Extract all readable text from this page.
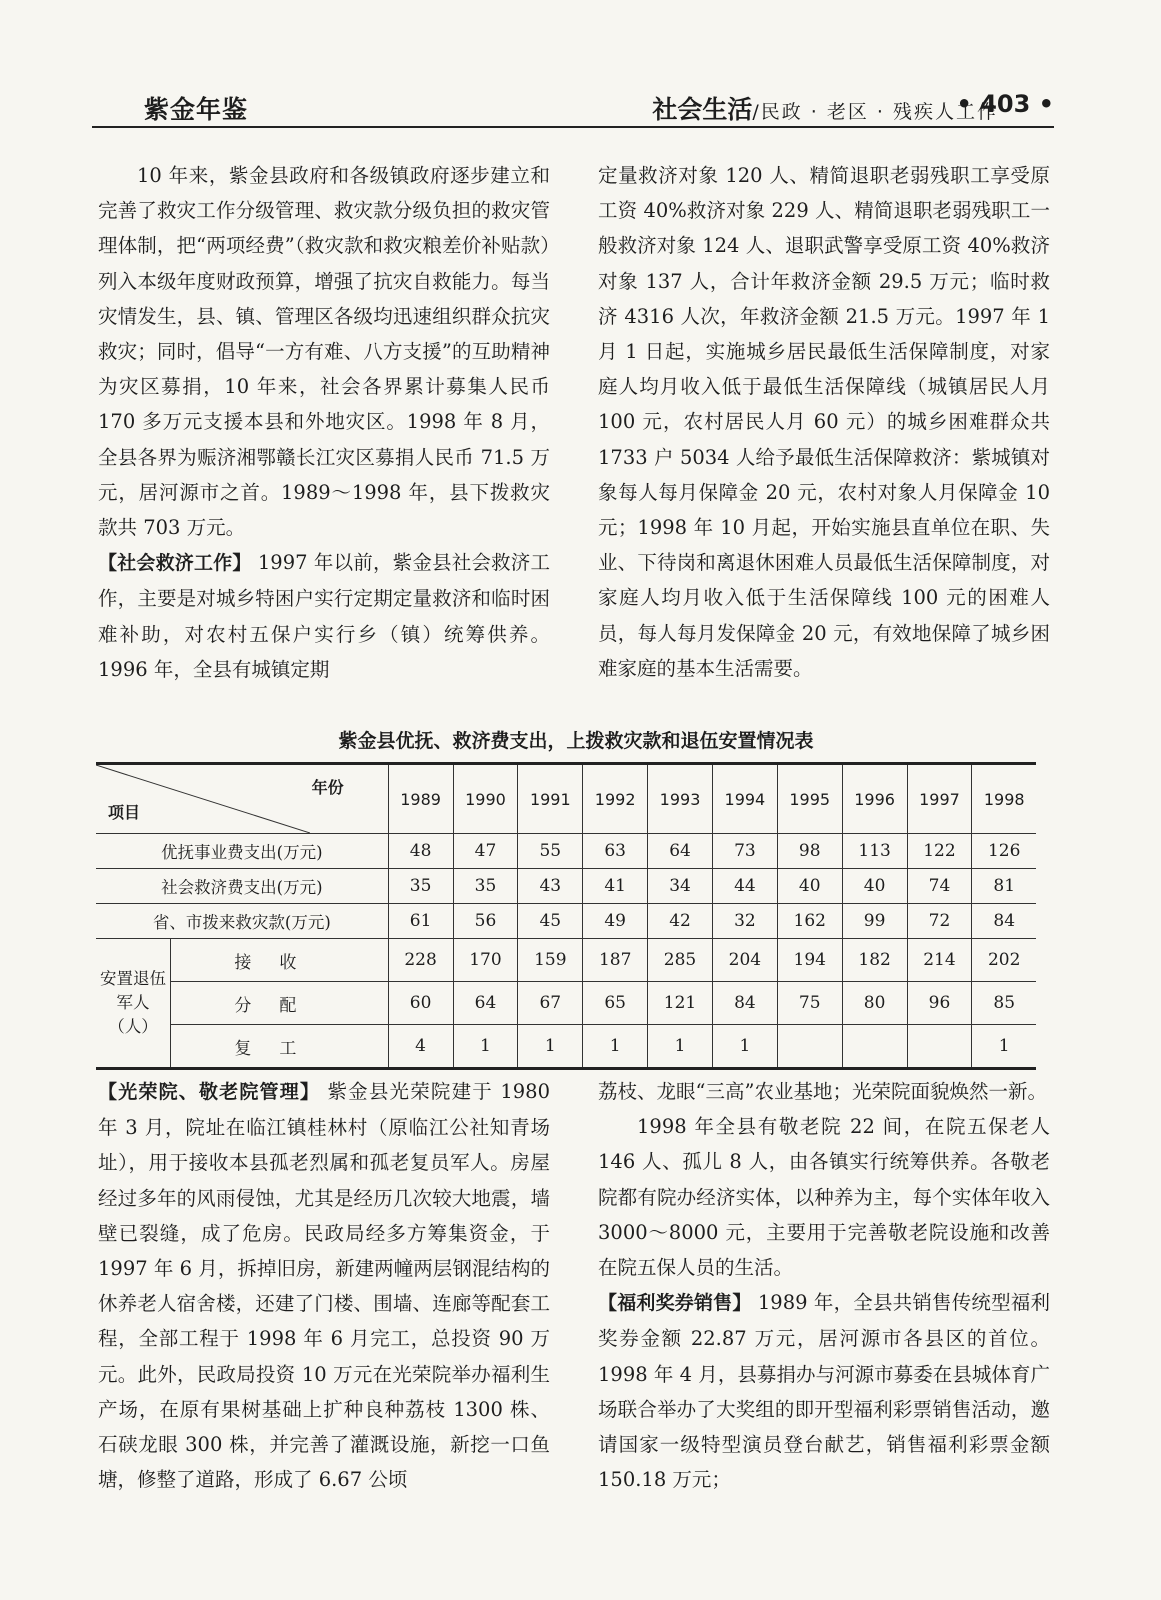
紫金年鉴	社会生活/民政 · 老区 · 残疾人工作
• 403 •

10 年来，紫金县政府和各级镇政府逐步建立和完善了救灾工作分级管理、救灾款分级负担的救灾管理体制，把“两项经费”（救灾款和救灾粮差价补贴款）列入本级年度财政预算，增强了抗灾自救能力。每当灾情发生，县、镇、管理区各级均迅速组织群众抗灾救灾；同时，倡导“一方有难、八方支援”的互助精神为灾区募捐，10 年来，社会各界累计募集人民币 170 多万元支援本县和外地灾区。1998 年 8 月，全县各界为赈济湘鄂赣长江灾区募捐人民币 71.5 万元，居河源市之首。1989～1998 年，县下拨救灾款共 703 万元。

【社会救济工作】 1997 年以前，紫金县社会救济工作，主要是对城乡特困户实行定期定量救济和临时困难补助，对农村五保户实行乡（镇）统筹供养。1996 年，全县有城镇定期

定量救济对象 120 人、精简退职老弱残职工享受原工资 40%救济对象 229 人、精简退职老弱残职工一般救济对象 124 人、退职武警享受原工资 40%救济对象 137 人，合计年救济金额 29.5 万元；临时救济 4316 人次，年救济金额 21.5 万元。1997 年 1 月 1 日起，实施城乡居民最低生活保障制度，对家庭人均月收入低于最低生活保障线（城镇居民人月 100 元，农村居民人月 60 元）的城乡困难群众共 1733 户 5034 人给予最低生活保障救济：紫城镇对象每人每月保障金 20 元，农村对象人月保障金 10 元；1998 年 10 月起，开始实施县直单位在职、失业、下待岗和离退休困难人员最低生活保障制度，对家庭人均月收入低于生活保障线 100 元的困难人员，每人每月发保障金 20 元，有效地保障了城乡困难家庭的基本生活需要。

紫金县优抚、救济费支出，上拨救灾款和退伍安置情况表
年份
项目		1989	1990	1991	1992	1993	1994	1995	1996	1997	1998
优抚事业费支出(万元)		48	47	55	63	64	73	98	113	122	126
社会救济费支出(万元)		35	35	43	41	34	44	40	40	74	81
省、市拨来救灾款(万元)		61	56	45	49	42	32	162	99	72	84
安置退伍军人（人）	接收	228	170	159	187	285	204	194	182	214	202
	分配	60	64	67	65	121	84	75	80	96	85
	复工	4	1	1	1	1	1				1

【光荣院、敬老院管理】 紫金县光荣院建于 1980 年 3 月，院址在临江镇桂林村（原临江公社知青场址），用于接收本县孤老烈属和孤老复员军人。房屋经过多年的风雨侵蚀，尤其是经历几次较大地震，墙壁已裂缝，成了危房。民政局经多方筹集资金，于 1997 年 6 月，拆掉旧房，新建两幢两层钢混结构的休养老人宿舍楼，还建了门楼、围墙、连廊等配套工程，全部工程于 1998 年 6 月完工，总投资 90 万元。此外，民政局投资 10 万元在光荣院举办福利生产场，在原有果树基础上扩种良种荔枝 1300 株、石硖龙眼 300 株，并完善了灌溉设施，新挖一口鱼塘，修整了道路，形成了 6.67 公顷

荔枝、龙眼“三高”农业基地；光荣院面貌焕然一新。

1998 年全县有敬老院 22 间，在院五保老人 146 人、孤儿 8 人，由各镇实行统筹供养。各敬老院都有院办经济实体，以种养为主，每个实体年收入 3000～8000 元，主要用于完善敬老院设施和改善在院五保人员的生活。

【福利奖券销售】 1989 年，全县共销售传统型福利奖券金额 22.87 万元，居河源市各县区的首位。1998 年 4 月，县募捐办与河源市募委在县城体育广场联合举办了大奖组的即开型福利彩票销售活动，邀请国家一级特型演员登台献艺，销售福利彩票金额 150.18 万元；
